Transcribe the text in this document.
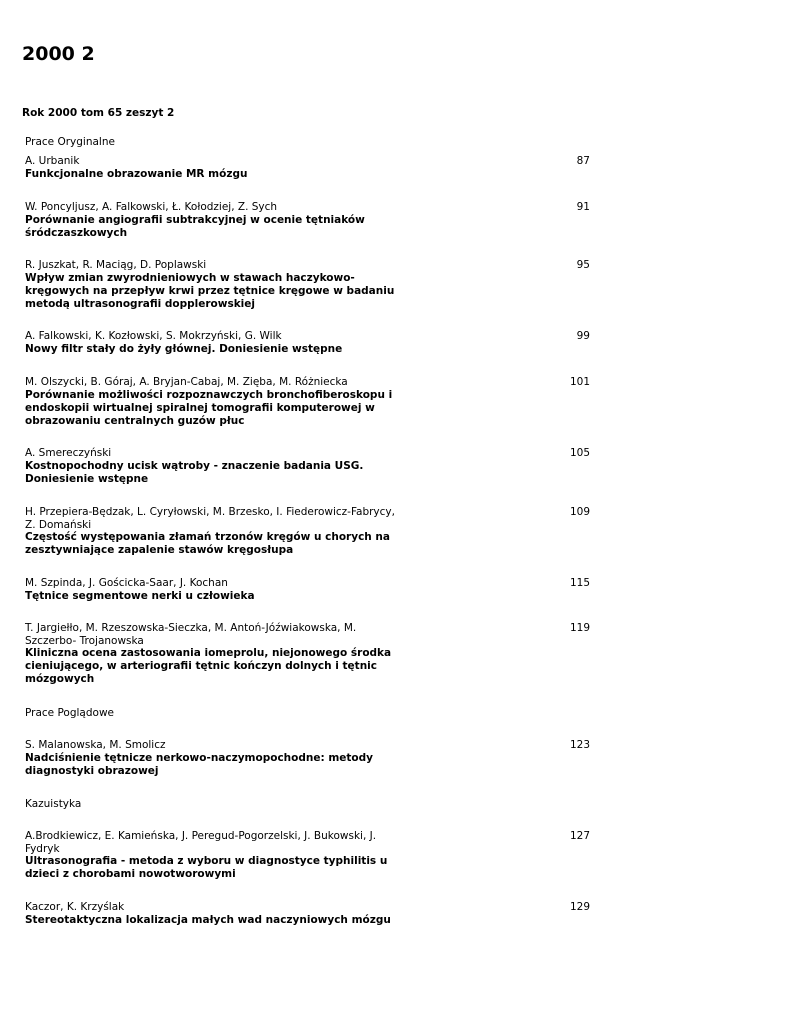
2000 2
Rok 2000 tom 65 zeszyt 2
Prace Oryginalne
A. Urbanik
Funkcjonalne obrazowanie MR mózgu
87
W. Poncyljusz, A. Falkowski, Ł. Kołodziej, Z. Sych
Porównanie angiografii subtrakcyjnej w ocenie tętniaków śródczaszkowych
91
R. Juszkat, R. Maciąg, D. Poplawski
Wpływ zmian zwyrodnieniowych w stawach haczykowo-kręgowych na przepływ krwi przez tętnice kręgowe w badaniu metodą ultrasonografii dopplerowskiej
95
A. Falkowski, K. Kozłowski, S. Mokrzyński, G. Wilk
Nowy filtr stały do żyły głównej. Doniesienie wstępne
99
M. Olszycki, B. Góraj, A. Bryjan-Cabaj, M. Zięba, M. Różniecka
Porównanie możliwości rozpoznawczych bronchofiberoskopu i endoskopii wirtualnej spiralnej tomografii komputerowej w obrazowaniu centralnych guzów płuc
101
A. Smereczyński
Kostnopochodny ucisk wątroby - znaczenie badania USG. Doniesienie wstępne
105
H. Przepiera-Będzak, L. Cyryłowski, M. Brzesko, I. Fiederowicz-Fabrycy, Z. Domański
Częstość występowania złamań trzonów kręgów u chorych na zesztywniające zapalenie stawów kręgosłupa
109
M. Szpinda, J. Gościcka-Saar, J. Kochan
Tętnice segmentowe nerki u człowieka
115
T. Jargiełło, M. Rzeszowska-Sieczka, M. Antoń-Jóźwiakowska, M. Szczerbo- Trojanowska
Kliniczna ocena zastosowania iomeprolu, niejonowego środka cieniującego, w arteriografii tętnic kończyn dolnych i tętnic mózgowych
119
Prace Poglądowe
S. Malanowska, M. Smolicz
Nadciśnienie tętnicze nerkowo-naczymopochodne: metody diagnostyki obrazowej
123
Kazuistyka
A.Brodkiewicz, E. Kamieńska, J. Peregud-Pogorzelski, J. Bukowski, J. Fydryk
Ultrasonografia - metoda z wyboru w diagnostyce typhilitis u dzieci z chorobami nowotworowymi
127
Kaczor, K. Krzyślak
Stereotaktyczna lokalizacja małych wad naczyniowych mózgu
129
